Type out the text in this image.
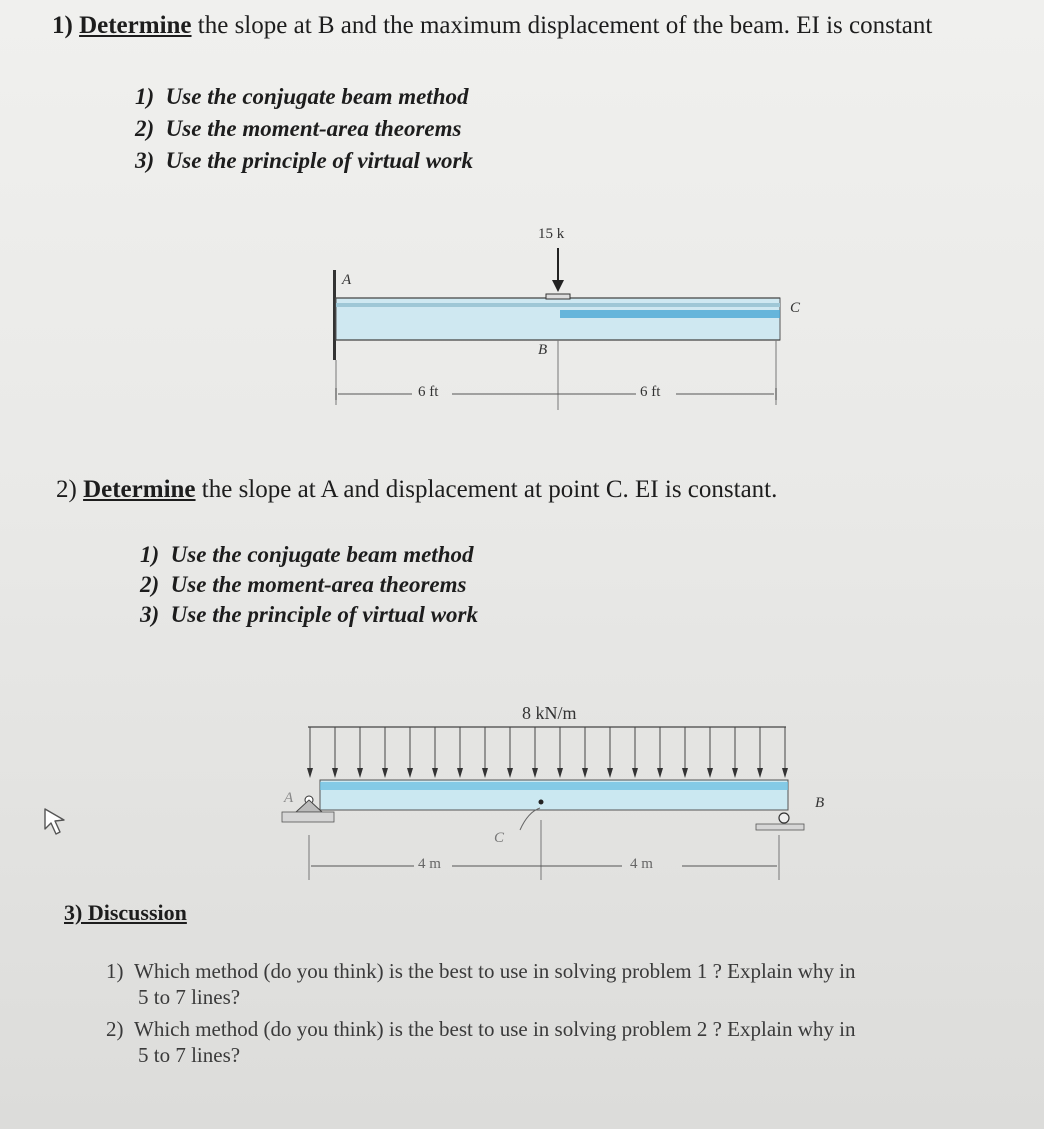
1) Determine the slope at B and the maximum displacement of the beam. EI is constant
1) Use the conjugate beam method
2) Use the moment-area theorems
3) Use the principle of virtual work
15 k
A
C
B
6 ft	6 ft
2) Determine the slope at A and displacement at point C. EI is constant.
1) Use the conjugate beam method
2) Use the moment-area theorems
3) Use the principle of virtual work
8 kN/m
A	B
C
4 m	4 m
3) Discussion
1) Which method (do you think) is the best to use in solving problem 1 ? Explain why in
5 to 7 lines?
2) Which method (do you think) is the best to use in solving problem 2 ? Explain why in
5 to 7 lines?
